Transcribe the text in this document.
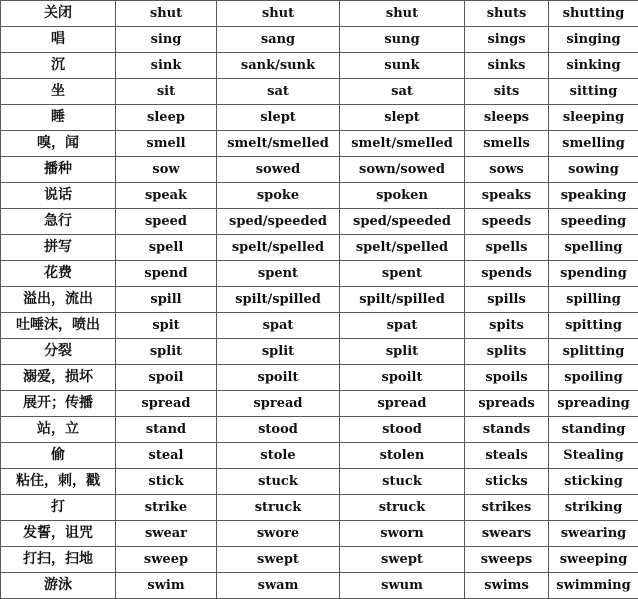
关闭	shut	shut	shut	shuts	shutting
唱	sing	sang	sung	sings	singing
沉	sink	sank/sunk	sunk	sinks	sinking
坐	sit	sat	sat	sits	sitting
睡	sleep	slept	slept	sleeps	sleeping
嗅，闻	smell	smelt/smelled	smelt/smelled	smells	smelling
播种	sow	sowed	sown/sowed	sows	sowing
说话	speak	spoke	spoken	speaks	speaking
急行	speed	sped/speeded	sped/speeded	speeds	speeding
拼写	spell	spelt/spelled	spelt/spelled	spells	spelling
花费	spend	spent	spent	spends	spending
溢出，流出	spill	spilt/spilled	spilt/spilled	spills	spilling
吐唾沫，喷出	spit	spat	spat	spits	spitting
分裂	split	split	split	splits	splitting
溺爱，损坏	spoil	spoilt	spoilt	spoils	spoiling
展开；传播	spread	spread	spread	spreads	spreading
站，立	stand	stood	stood	stands	standing
偷	steal	stole	stolen	steals	Stealing
粘住，刺，戳	stick	stuck	stuck	sticks	sticking
打	strike	struck	struck	strikes	striking
发誓，诅咒	swear	swore	sworn	swears	swearing
打扫，扫地	sweep	swept	swept	sweeps	sweeping
游泳	swim	swam	swum	swims	swimming
